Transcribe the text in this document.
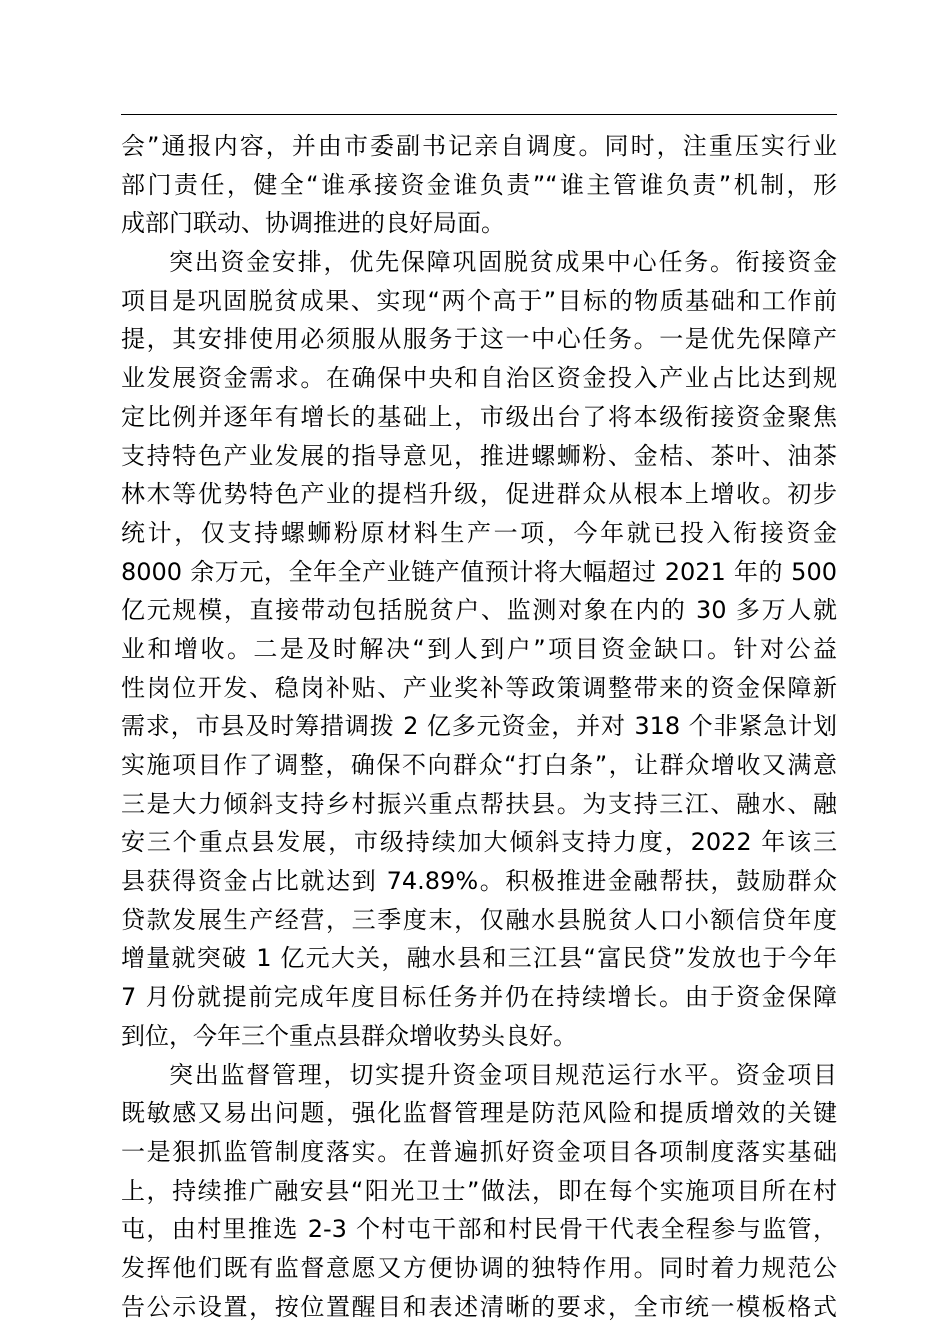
会”通报内容，并由市委副书记亲自调度。同时，注重压实行业
部门责任，健全“谁承接资金谁负责”“谁主管谁负责”机制，形
成部门联动、协调推进的良好局面。
突出资金安排，优先保障巩固脱贫成果中心任务。衔接资金
项目是巩固脱贫成果、实现“两个高于”目标的物质基础和工作前
提，其安排使用必须服从服务于这一中心任务。一是优先保障产
业发展资金需求。在确保中央和自治区资金投入产业占比达到规
定比例并逐年有增长的基础上，市级出台了将本级衔接资金聚焦
支持特色产业发展的指导意见，推进螺蛳粉、金桔、茶叶、油茶
林木等优势特色产业的提档升级，促进群众从根本上增收。初步
统计，仅支持螺蛳粉原材料生产一项，今年就已投入衔接资金
8000 余万元，全年全产业链产值预计将大幅超过 2021 年的 500
亿元规模，直接带动包括脱贫户、监测对象在内的 30 多万人就
业和增收。二是及时解决“到人到户”项目资金缺口。针对公益
性岗位开发、稳岗补贴、产业奖补等政策调整带来的资金保障新
需求，市县及时筹措调拨 2 亿多元资金，并对 318 个非紧急计划
实施项目作了调整，确保不向群众“打白条”，让群众增收又满意
三是大力倾斜支持乡村振兴重点帮扶县。为支持三江、融水、融
安三个重点县发展，市级持续加大倾斜支持力度，2022 年该三
县获得资金占比就达到 74.89%。积极推进金融帮扶，鼓励群众
贷款发展生产经营，三季度末，仅融水县脱贫人口小额信贷年度
增量就突破 1 亿元大关，融水县和三江县“富民贷”发放也于今年
7 月份就提前完成年度目标任务并仍在持续增长。由于资金保障
到位，今年三个重点县群众增收势头良好。
突出监督管理，切实提升资金项目规范运行水平。资金项目
既敏感又易出问题，强化监督管理是防范风险和提质增效的关键
一是狠抓监管制度落实。在普遍抓好资金项目各项制度落实基础
上，持续推广融安县“阳光卫士”做法，即在每个实施项目所在村
屯，由村里推选 2-3 个村屯干部和村民骨干代表全程参与监管，
发挥他们既有监督意愿又方便协调的独特作用。同时着力规范公
告公示设置，按位置醒目和表述清晰的要求，全市统一模板格式
